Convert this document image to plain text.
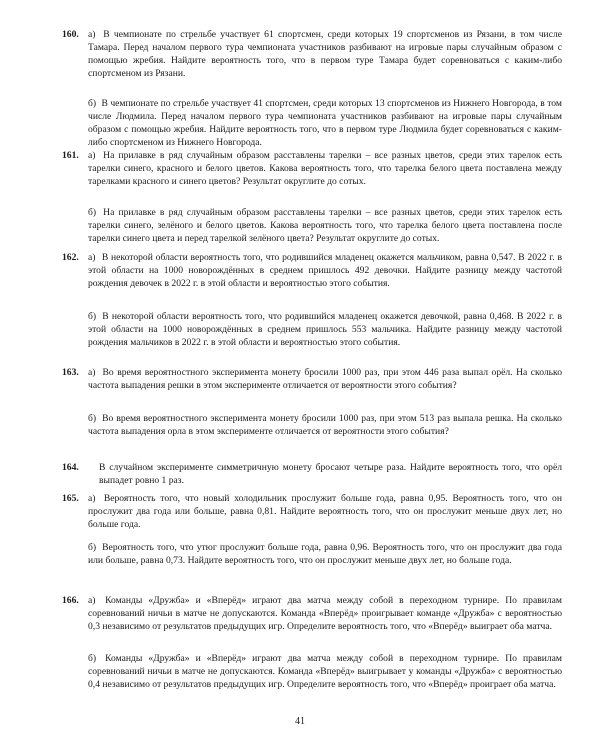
160. а) В чемпионате по стрельбе участвует 61 спортсмен, среди которых 19 спортсменов из Рязани, в том числе Тамара. Перед началом первого тура чемпионата участников разбивают на игровые пары случайным образом с помощью жребия. Найдите вероятность того, что в первом туре Тамара будет соревноваться с каким-либо спортсменом из Рязани.
б) В чемпионате по стрельбе участвует 41 спортсмен, среди которых 13 спортсменов из Нижнего Новгорода, в том числе Людмила. Перед началом первого тура чемпионата участников разбивают на игровые пары случайным образом с помощью жребия. Найдите вероятность того, что в первом туре Людмила будет соревноваться с каким-либо спортсменом из Нижнего Новгорода.
161. а) На прилавке в ряд случайным образом расставлены тарелки – все разных цветов, среди этих тарелок есть тарелки синего, красного и белого цветов. Какова вероятность того, что тарелка белого цвета поставлена между тарелками красного и синего цветов? Результат округлите до сотых.
б) На прилавке в ряд случайным образом расставлены тарелки – все разных цветов, среди этих тарелок есть тарелки синего, зелёного и белого цветов. Какова вероятность того, что тарелка белого цвета поставлена после тарелки синего цвета и перед тарелкой зелёного цвета? Результат округлите до сотых.
162. а) В некоторой области вероятность того, что родившийся младенец окажется мальчиком, равна 0,547. В 2022 г. в этой области на 1000 новорождённых в среднем пришлось 492 девочки. Найдите разницу между частотой рождения девочек в 2022 г. в этой области и вероятностью этого события.
б) В некоторой области вероятность того, что родившийся младенец окажется девочкой, равна 0,468. В 2022 г. в этой области на 1000 новорождённых в среднем пришлось 553 мальчика. Найдите разницу между частотой рождения мальчиков в 2022 г. в этой области и вероятностью этого события.
163. а) Во время вероятностного эксперимента монету бросили 1000 раз, при этом 446 раза выпал орёл. На сколько частота выпадения решки в этом эксперименте отличается от вероятности этого события?
б) Во время вероятностного эксперимента монету бросили 1000 раз, при этом 513 раз выпала решка. На сколько частота выпадения орла в этом эксперименте отличается от вероятности этого события?
164. В случайном эксперименте симметричную монету бросают четыре раза. Найдите вероятность того, что орёл выпадет ровно 1 раз.
165. а) Вероятность того, что новый холодильник прослужит больше года, равна 0,95. Вероятность того, что он прослужит два года или больше, равна 0,81. Найдите вероятность того, что он прослужит меньше двух лет, но больше года.
б) Вероятность того, что утюг прослужит больше года, равна 0,96. Вероятность того, что он прослужит два года или больше, равна 0,73. Найдите вероятность того, что он прослужит меньше двух лет, но больше года.
166. а) Команды «Дружба» и «Вперёд» играют два матча между собой в переходном турнире. По правилам соревнований ничьи в матче не допускаются. Команда «Вперёд» проигрывает команде «Дружба» с вероятностью 0,3 независимо от результатов предыдущих игр. Определите вероятность того, что «Вперёд» выиграет оба матча.
б) Команды «Дружба» и «Вперёд» играют два матча между собой в переходном турнире. По правилам соревнований ничьи в матче не допускаются. Команда «Вперёд» выигрывает у команды «Дружба» с вероятностью 0,4 независимо от результатов предыдущих игр. Определите вероятность того, что «Вперёд» проиграет оба матча.
41
